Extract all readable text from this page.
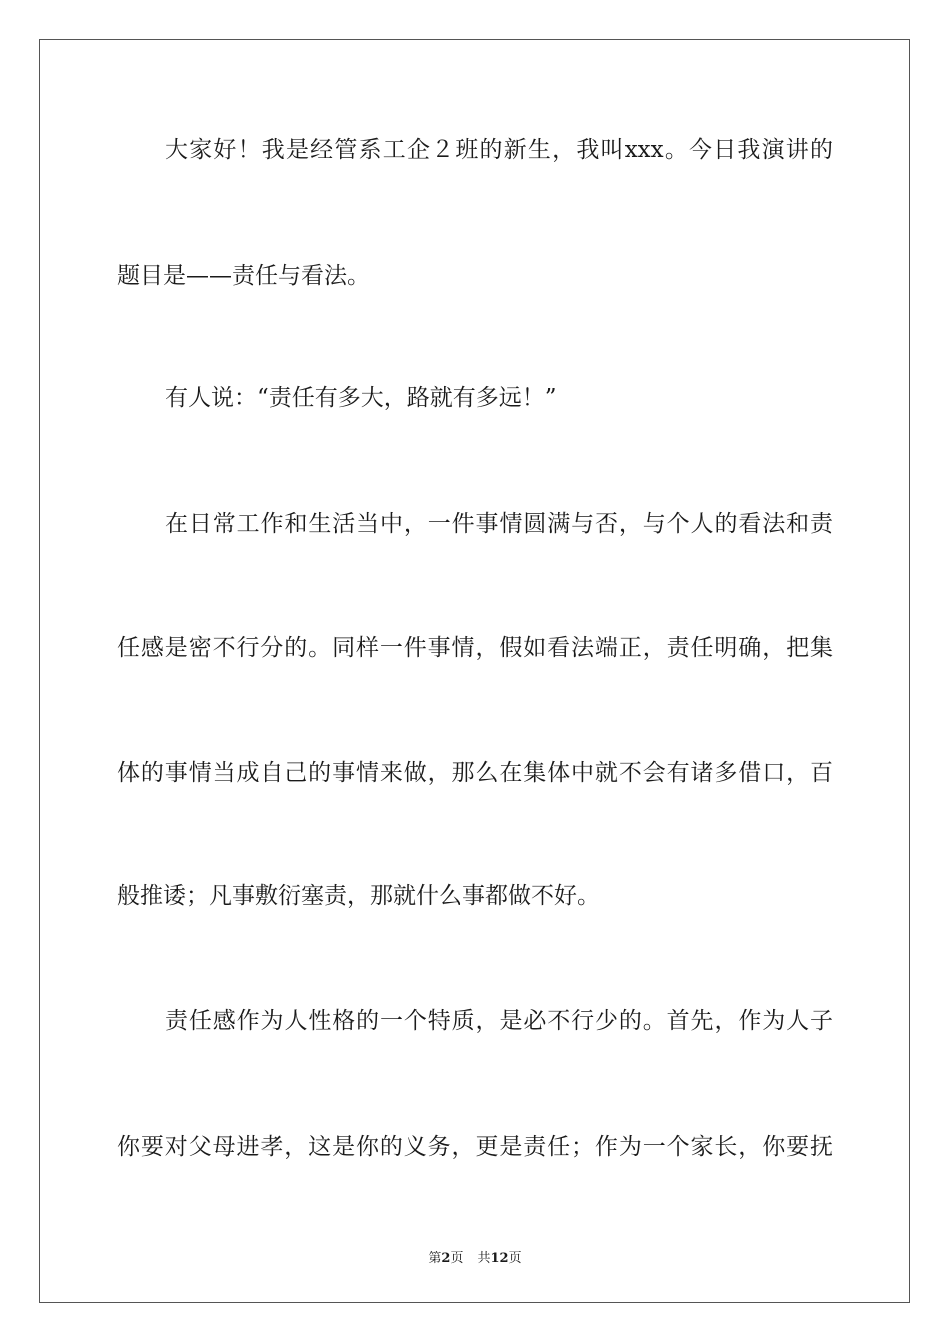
大家好！我是经管系工企２班的新生，我叫xxx。今日我演讲的
题目是——责任与看法。
有人说：“责任有多大，路就有多远！”
在日常工作和生活当中，一件事情圆满与否，与个人的看法和责
任感是密不行分的。同样一件事情，假如看法端正，责任明确，把集
体的事情当成自己的事情来做，那么在集体中就不会有诸多借口，百
般推诿；凡事敷衍塞责，那就什么事都做不好。
责任感作为人性格的一个特质，是必不行少的。首先，作为人子
你要对父母进孝，这是你的义务，更是责任；作为一个家长，你要抚
第2页 共12页
